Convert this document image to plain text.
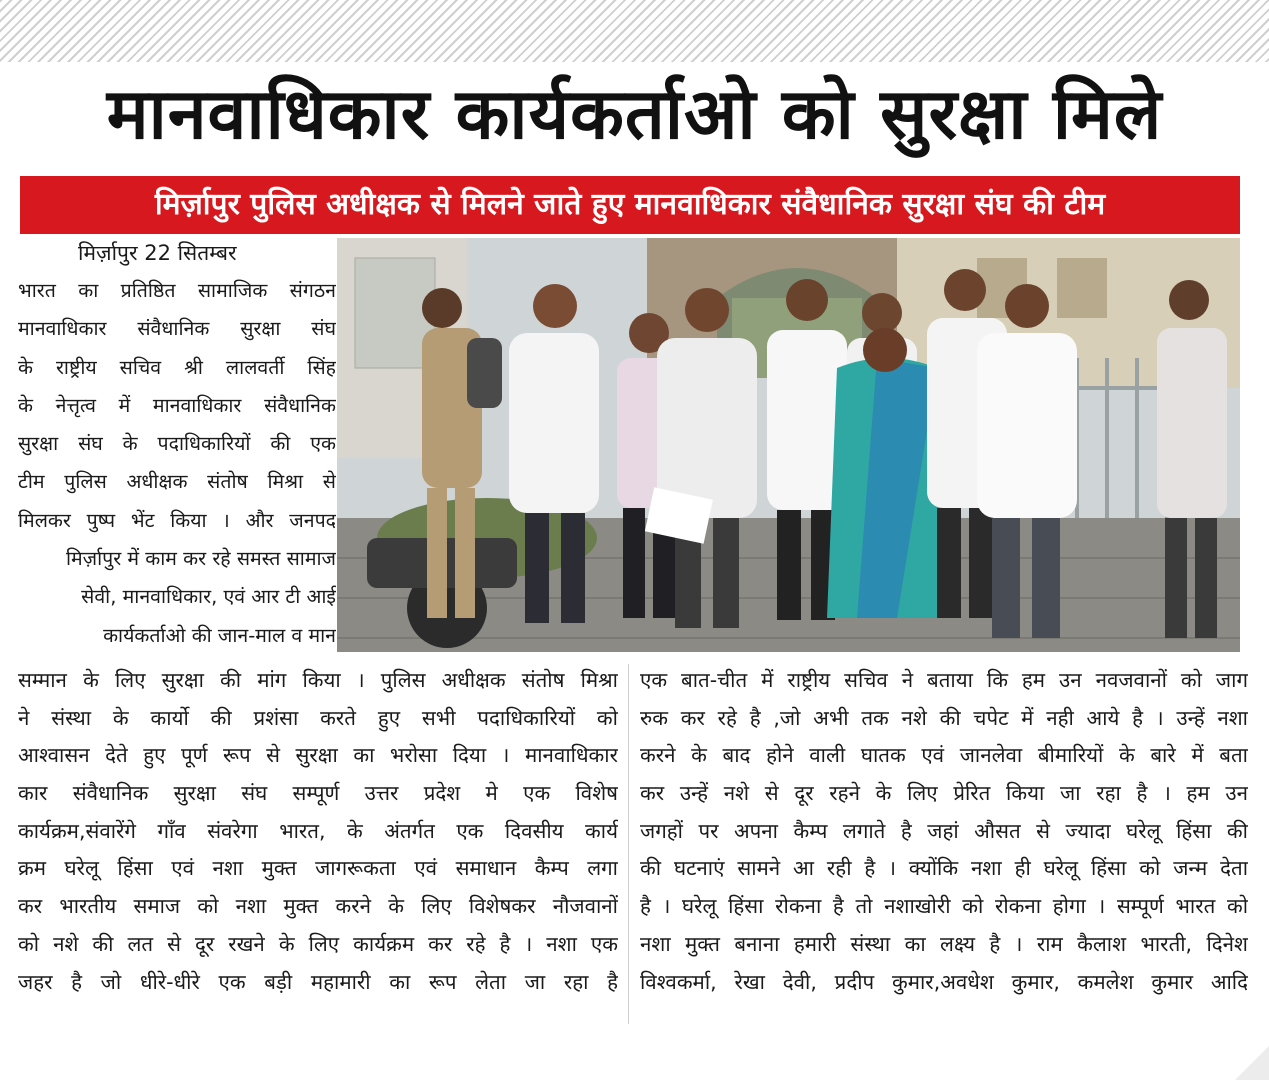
मानवाधिकार कार्यकर्ताओ को सुरक्षा मिले
मिर्ज़ापुर पुलिस अधीक्षक से मिलने जाते हुए मानवाधिकार संवैधानिक सुरक्षा संघ की टीम
मिर्ज़ापुर 22 सितम्बर
भारत का प्रतिष्ठित सामाजिक संगठन
मानवाधिकार संवैधानिक सुरक्षा संघ
के राष्ट्रीय सचिव श्री लालवर्ती सिंह
के नेत्तृत्व में मानवाधिकार संवैधानिक
सुरक्षा संघ के पदाधिकारियों की एक
टीम पुलिस अधीक्षक संतोष मिश्रा से
मिलकर पुष्प भेंट किया । और जनपद
मिर्ज़ापुर में काम कर रहे समस्त सामाज
सेवी, मानवाधिकार, एवं आर टी आई
कार्यकर्ताओ की जान-माल व मान
सम्मान के लिए सुरक्षा की मांग किया । पुलिस अधीक्षक संतोष मिश्रा
ने संस्था के कार्यो की प्रशंसा करते हुए सभी पदाधिकारियों को
आश्वासन देते हुए पूर्ण रूप से सुरक्षा का भरोसा दिया । मानवाधिकार
कार संवैधानिक सुरक्षा संघ सम्पूर्ण उत्तर प्रदेश मे एक विशेष
कार्यक्रम,संवारेंगे गाँव संवरेगा भारत, के अंतर्गत एक दिवसीय कार्य
क्रम घरेलू हिंसा एवं नशा मुक्त जागरूकता एवं समाधान कैम्प लगा
कर भारतीय समाज को नशा मुक्त करने के लिए विशेषकर नौजवानों
को नशे की लत से दूर रखने के लिए कार्यक्रम कर रहे है । नशा एक
जहर है जो धीरे-धीरे एक बड़ी महामारी का रूप लेता जा रहा है
एक बात-चीत में राष्ट्रीय सचिव ने बताया कि हम उन नवजवानों को जाग
रुक कर रहे है ,जो अभी तक नशे की चपेट में नही आये है । उन्हें नशा
करने के बाद होने वाली घातक एवं जानलेवा बीमारियों के बारे में बता
कर उन्हें नशे से दूर रहने के लिए प्रेरित किया जा रहा है । हम उन
जगहों पर अपना कैम्प लगाते है जहां औसत से ज्यादा घरेलू हिंसा की
की घटनाएं सामने आ रही है । क्योंकि नशा ही घरेलू हिंसा को जन्म देता
है । घरेलू हिंसा रोकना है तो नशाखोरी को रोकना होगा । सम्पूर्ण भारत को
नशा मुक्त बनाना हमारी संस्था का लक्ष्य है । राम कैलाश भारती, दिनेश
विश्वकर्मा, रेखा देवी, प्रदीप कुमार,अवधेश कुमार, कमलेश कुमार आदि
